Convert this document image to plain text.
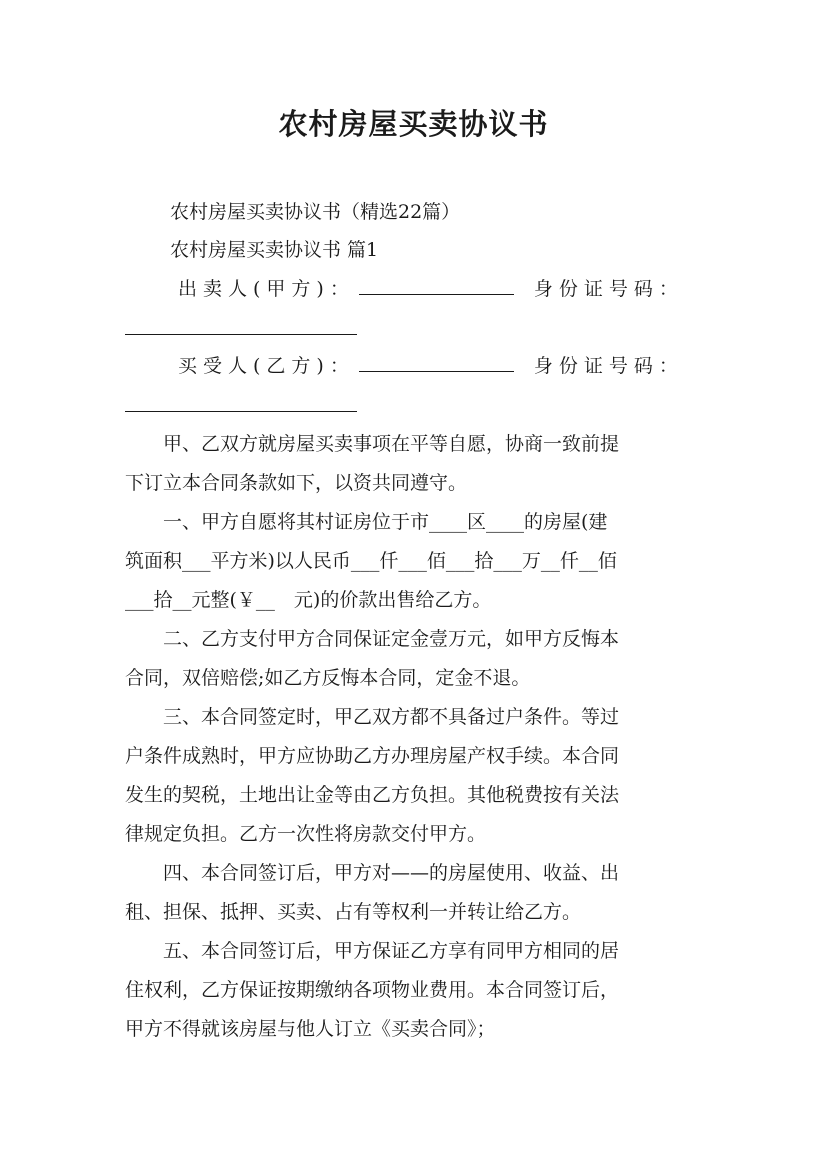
农村房屋买卖协议书
农村房屋买卖协议书（精选22篇）
农村房屋买卖协议书 篇1
出卖人(甲方)：	身份证号码：
买受人(乙方)：	身份证号码：
　　甲、乙双方就房屋买卖事项在平等自愿，协商一致前提
下订立本合同条款如下，以资共同遵守。
　　一、甲方自愿将其村证房位于市____区____的房屋(建
筑面积___平方米)以人民币___仟___佰___拾___万__仟__佰
___拾__元整(￥__　元)的价款出售给乙方。
　　二、乙方支付甲方合同保证定金壹万元，如甲方反悔本
合同，双倍赔偿;如乙方反悔本合同，定金不退。
　　三、本合同签定时，甲乙双方都不具备过户条件。等过
户条件成熟时，甲方应协助乙方办理房屋产权手续。本合同
发生的契税，土地出让金等由乙方负担。其他税费按有关法
律规定负担。乙方一次性将房款交付甲方。
　　四、本合同签订后，甲方对——的房屋使用、收益、出
租、担保、抵押、买卖、占有等权利一并转让给乙方。
　　五、本合同签订后，甲方保证乙方享有同甲方相同的居
住权利，乙方保证按期缴纳各项物业费用。本合同签订后，
甲方不得就该房屋与他人订立《买卖合同》；
